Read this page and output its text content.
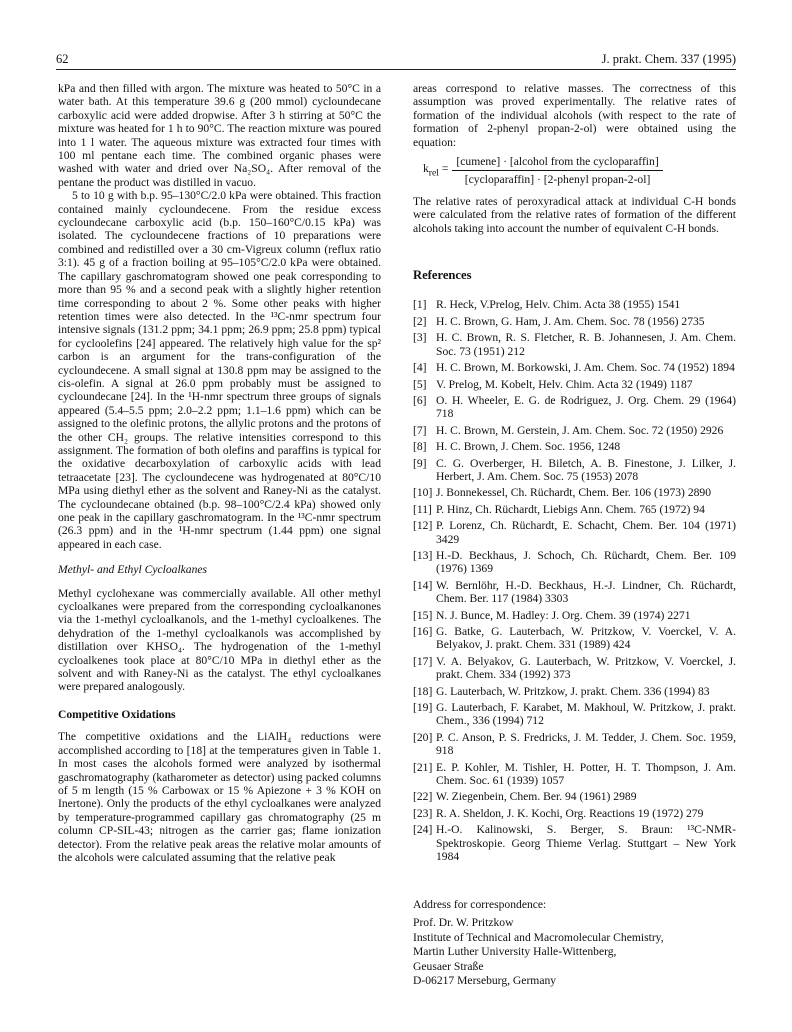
62	J. prakt. Chem. 337 (1995)

kPa and then filled with argon. The mixture was heated to 50°C in a water bath. At this temperature 39.6 g (200 mmol) cycloundecane carboxylic acid were added dropwise. After 3 h stirring at 50°C the mixture was heated for 1 h to 90°C. The reaction mixture was poured into 1 l water. The aqueous mixture was extracted four times with 100 ml pentane each time. The combined organic phases were washed with water and dried over Na₂SO₄. After removal of the pentane the product was distilled in vacuo.

5 to 10 g with b.p. 95–130°C/2.0 kPa were obtained. This fraction contained mainly cycloundecene. From the residue excess cycloundecane carboxylic acid (b.p. 150–160°C/0.15 kPa) was isolated. The cycloundecene fractions of 10 preparations were combined and redistilled over a 30 cm-Vigreux column (reflux ratio 3:1). 45 g of a fraction boiling at 95–105°C/2.0 kPa were obtained. The capillary gaschromatogram showed one peak corresponding to more than 95 % and a second peak with a slightly higher retention time corresponding to about 2 %. Some other peaks with higher retention times were also detected. In the ¹³C-nmr spectrum four intensive signals (131.2 ppm; 34.1 ppm; 26.9 ppm; 25.8 ppm) typical for cycloolefins [24] appeared. The relatively high value for the sp² carbon is an argument for the trans-configuration of the cycloundecene. A small signal at 130.8 ppm may be assigned to the cis-olefin. A signal at 26.0 ppm probably must be assigned to cycloundecane [24]. In the ¹H-nmr spectrum three groups of signals appeared (5.4–5.5 ppm; 2.0–2.2 ppm; 1.1–1.6 ppm) which can be assigned to the olefinic protons, the allylic protons and the protons of the other CH₂ groups. The relative intensities correspond to this assignment. The formation of both olefins and paraffins is typical for the oxidative decarboxylation of carboxylic acids with lead tetraacetate [23]. The cycloundecene was hydrogenated at 80°C/10 MPa using diethyl ether as the solvent and Raney-Ni as the catalyst. The cycloundecane obtained (b.p. 98–100°C/2.4 kPa) showed only one peak in the capillary gaschromatogram. In the ¹³C-nmr spectrum (26.3 ppm) and in the ¹H-nmr spectrum (1.44 ppm) one signal appeared in each case.

Methyl- and Ethyl Cycloalkanes

Methyl cyclohexane was commercially available. All other methyl cycloalkanes were prepared from the corresponding cycloalkanones via the 1-methyl cycloalkanols, and the 1-methyl cycloalkenes. The dehydration of the 1-methyl cycloalkanols was accomplished by distillation over KHSO₄. The hydrogenation of the 1-methyl cycloalkenes took place at 80°C/10 MPa in diethyl ether as the solvent and with Raney-Ni as the catalyst. The ethyl cycloalkanes were prepared analogously.

Competitive Oxidations

The competitive oxidations and the LiAlH₄ reductions were accomplished according to [18] at the temperatures given in Table 1. In most cases the alcohols formed were analyzed by isothermal gaschromatography (katharometer as detector) using packed columns of 5 m length (15 % Carbowax or 15 % Apiezone + 3 % KOH on Inertone). Only the products of the ethyl cycloalkanes were analyzed by temperature-programmed capillary gas chromatography (25 m column CP-SIL-43; nitrogen as the carrier gas; flame ionization detector). From the relative peak areas the relative molar amounts of the alcohols were calculated assuming that the relative peak

areas correspond to relative masses. The correctness of this assumption was proved experimentally. The relative rates of formation of the individual alcohols (with respect to the rate of formation of 2-phenyl propan-2-ol) were obtained using the equation:

$k_{rel} = \frac{\text{[cumene] · [alcohol from the cycloparaffin]}}{\text{[cycloparaffin] · [2-phenyl propan-2-ol]}}$

The relative rates of peroxyradical attack at individual C-H bonds were calculated from the relative rates of formation of the different alcohols taking into account the number of equivalent C-H bonds.

References
[1] R. Heck, V.Prelog, Helv. Chim. Acta 38 (1955) 1541
[2] H. C. Brown, G. Ham, J. Am. Chem. Soc. 78 (1956) 2735
[3] H. C. Brown, R. S. Fletcher, R. B. Johannesen, J. Am. Chem. Soc. 73 (1951) 212
[4] H. C. Brown, M. Borkowski, J. Am. Chem. Soc. 74 (1952) 1894
[5] V. Prelog, M. Kobelt, Helv. Chim. Acta 32 (1949) 1187
[6] O. H. Wheeler, E. G. de Rodriguez, J. Org. Chem. 29 (1964) 718
[7] H. C. Brown, M. Gerstein, J. Am. Chem. Soc. 72 (1950) 2926
[8] H. C. Brown, J. Chem. Soc. 1956, 1248
[9] C. G. Overberger, H. Biletch, A. B. Finestone, J. Lilker, J. Herbert, J. Am. Chem. Soc. 75 (1953) 2078
[10] J. Bonnekessel, Ch. Rüchardt, Chem. Ber. 106 (1973) 2890
[11] P. Hinz, Ch. Rüchardt, Liebigs Ann. Chem. 765 (1972) 94
[12] P. Lorenz, Ch. Rüchardt, E. Schacht, Chem. Ber. 104 (1971) 3429
[13] H.-D. Beckhaus, J. Schoch, Ch. Rüchardt, Chem. Ber. 109 (1976) 1369
[14] W. Bernlöhr, H.-D. Beckhaus, H.-J. Lindner, Ch. Rüchardt, Chem. Ber. 117 (1984) 3303
[15] N. J. Bunce, M. Hadley: J. Org. Chem. 39 (1974) 2271
[16] G. Batke, G. Lauterbach, W. Pritzkow, V. Voerckel, V. A. Belyakov, J. prakt. Chem. 331 (1989) 424
[17] V. A. Belyakov, G. Lauterbach, W. Pritzkow, V. Voerckel, J. prakt. Chem. 334 (1992) 373
[18] G. Lauterbach, W. Pritzkow, J. prakt. Chem. 336 (1994) 83
[19] G. Lauterbach, F. Karabet, M. Makhoul, W. Pritzkow, J. prakt. Chem., 336 (1994) 712
[20] P. C. Anson, P. S. Fredricks, J. M. Tedder, J. Chem. Soc. 1959, 918
[21] E. P. Kohler, M. Tishler, H. Potter, H. T. Thompson, J. Am. Chem. Soc. 61 (1939) 1057
[22] W. Ziegenbein, Chem. Ber. 94 (1961) 2989
[23] R. A. Sheldon, J. K. Kochi, Org. Reactions 19 (1972) 279
[24] H.-O. Kalinowski, S. Berger, S. Braun: ¹³C-NMR-Spektroskopie. Georg Thieme Verlag. Stuttgart – New York 1984
Address for correspondence:
Prof. Dr. W. Pritzkow
Institute of Technical and Macromolecular Chemistry,
Martin Luther University Halle-Wittenberg,
Geusaer Straße
D-06217 Merseburg, Germany
